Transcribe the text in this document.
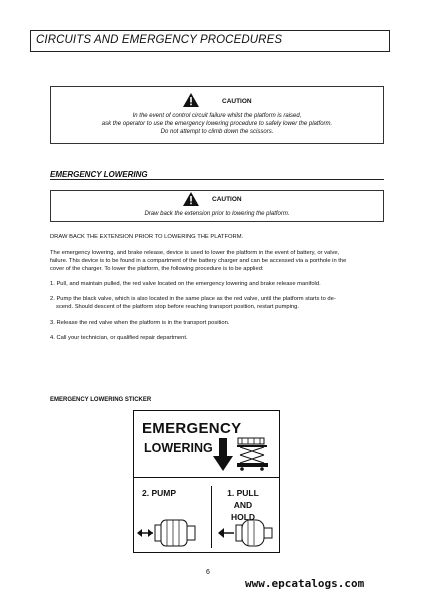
CIRCUITS AND EMERGENCY PROCEDURES
CAUTION
In the event of control circuit failure whilst the platform is raised,
ask the operator to use the emergency lowering procedure to safely lower the platform.
Do not attempt to climb down the scissors.
EMERGENCY LOWERING
CAUTION
Draw back the extension prior to lowering the platform.
DRAW BACK THE EXTENSION PRIOR TO LOWERING THE PLATFORM.
The emergency lowering, and brake release, device is used to lower the platform in the event of battery, or valve,
failure. This device is to be found in a compartment of the battery charger and can be accessed via a porthole in the
cover of the charger. To lower the platform, the following procedure is to be applied:
1. Pull, and maintain pulled, the red valve located on the emergency lowering and brake release manifold.
2. Pump the black valve, which is also located in the same place as the red valve, until the platform starts to de-
scend. Should descent of the platform stop before reaching transport position, restart pumping.
3. Release the red valve when the platform is in the transport position.
4. Call your technician, or qualified repair department.
EMERGENCY LOWERING STICKER
EMERGENCY
LOWERING
2. PUMP	1. PULL
AND
HOLD
6
www.epcatalogs.com
